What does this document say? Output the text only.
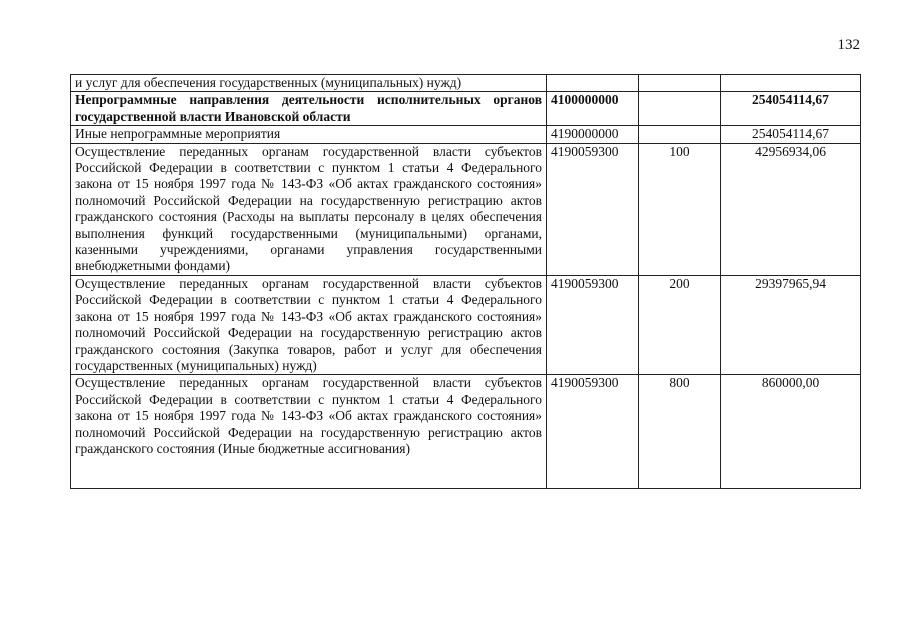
132
и услуг для обеспечения государственных (муниципальных) нужд)			
Непрограммные направления деятельности исполнительных органов государственной власти Ивановской области	4100000000		254054114,67
Иные непрограммные мероприятия	4190000000		254054114,67
Осуществление переданных органам государственной власти субъектов Российской Федерации в соответствии с пунктом 1 статьи 4 Федерального закона от 15 ноября 1997 года № 143-ФЗ «Об актах гражданского состояния» полномочий Российской Федерации на государственную регистрацию актов гражданского состояния (Расходы на выплаты персоналу в целях обеспечения выполнения функций государственными (муниципальными) органами, казенными учреждениями, органами управления государственными внебюджетными фондами)	4190059300	100	42956934,06
Осуществление переданных органам государственной власти субъектов Российской Федерации в соответствии с пунктом 1 статьи 4 Федерального закона от 15 ноября 1997 года № 143-ФЗ «Об актах гражданского состояния» полномочий Российской Федерации на государственную регистрацию актов гражданского состояния (Закупка товаров, работ и услуг для обеспечения государственных (муниципальных) нужд)	4190059300	200	29397965,94
Осуществление переданных органам государственной власти субъектов Российской Федерации в соответствии с пунктом 1 статьи 4 Федерального закона от 15 ноября 1997 года № 143-ФЗ «Об актах гражданского состояния» полномочий Российской Федерации на государственную регистрацию актов гражданского состояния (Иные бюджетные ассигнования)	4190059300	800	860000,00
